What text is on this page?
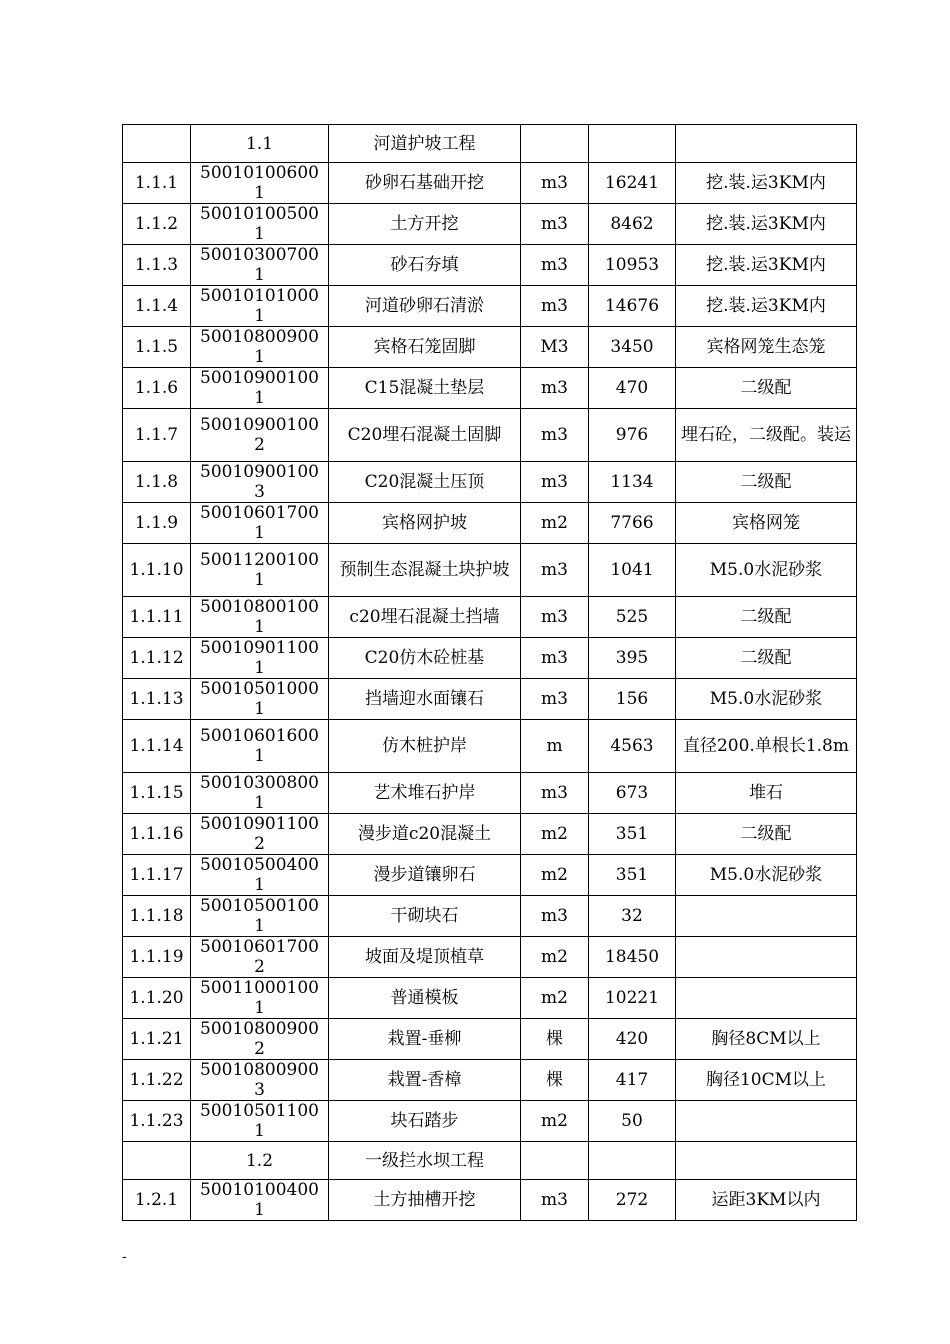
	1.1	河道护坡工程			
1.1.1	500101006001	砂卵石基础开挖	m3	16241	挖.装.运3KM内
1.1.2	500101005001	土方开挖	m3	8462	挖.装.运3KM内
1.1.3	500103007001	砂石夯填	m3	10953	挖.装.运3KM内
1.1.4	500101010001	河道砂卵石清淤	m3	14676	挖.装.运3KM内
1.1.5	500108009001	宾格石笼固脚	M3	3450	宾格网笼生态笼
1.1.6	500109001001	C15混凝土垫层	m3	470	二级配
1.1.7	500109001002	C20埋石混凝土固脚	m3	976	埋石砼，二级配。装运
1.1.8	500109001003	C20混凝土压顶	m3	1134	二级配
1.1.9	500106017001	宾格网护坡	m2	7766	宾格网笼
1.1.10	500112001001	预制生态混凝土块护坡	m3	1041	M5.0水泥砂浆
1.1.11	500108001001	c20埋石混凝土挡墙	m3	525	二级配
1.1.12	500109011001	C20仿木砼桩基	m3	395	二级配
1.1.13	500105010001	挡墙迎水面镶石	m3	156	M5.0水泥砂浆
1.1.14	500106016001	仿木桩护岸	m	4563	直径200.单根长1.8m
1.1.15	500103008001	艺术堆石护岸	m3	673	堆石
1.1.16	500109011002	漫步道c20混凝土	m2	351	二级配
1.1.17	500105004001	漫步道镶卵石	m2	351	M5.0水泥砂浆
1.1.18	500105001001	干砌块石	m3	32	
1.1.19	500106017002	坡面及堤顶植草	m2	18450	
1.1.20	500110001001	普通模板	m2	10221	
1.1.21	500108009002	栽置-垂柳	棵	420	胸径8CM以上
1.1.22	500108009003	栽置-香樟	棵	417	胸径10CM以上
1.1.23	500105011001	块石踏步	m2	50	
	1.2	一级拦水坝工程			
1.2.1	500101004001	土方抽槽开挖	m3	272	运距3KM以内
-
